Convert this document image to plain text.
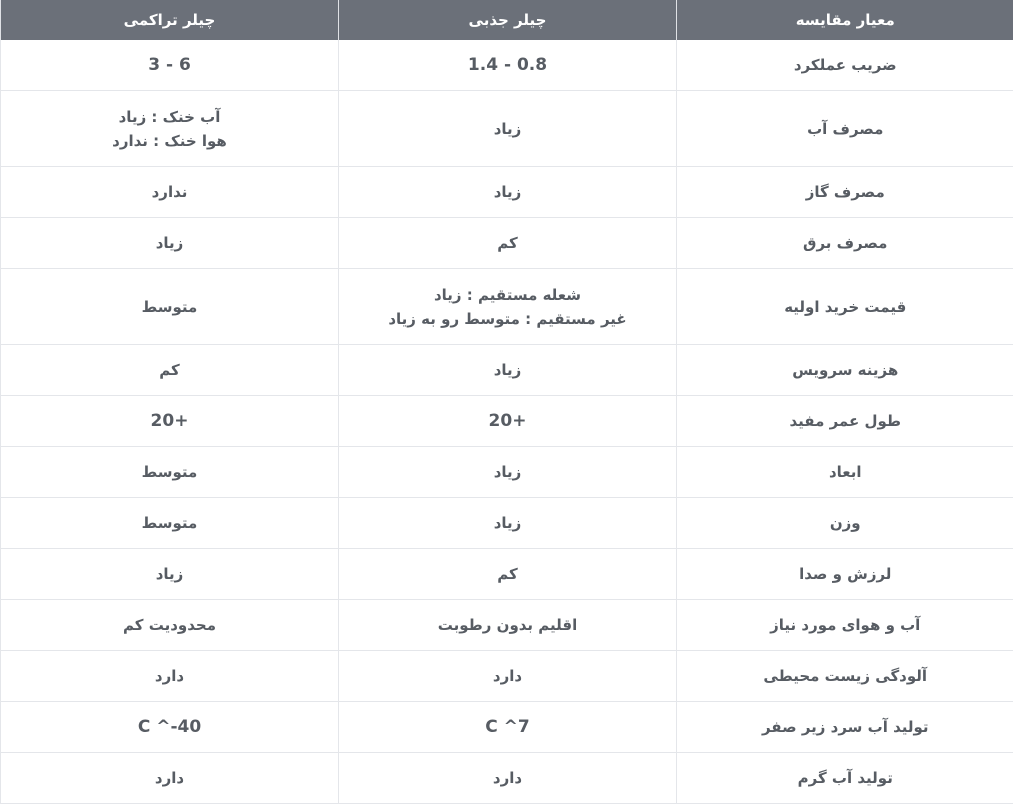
معیار مقایسه	چیلر جذبی	چیلر تراکمی
ضریب عملکرد	0.8 - 1.4	6 - 3

مصرف آب	زیاد	آب خنک : زیاد
هوا خنک : ندارد

مصرف گاز	زیاد	ندارد

مصرف برق	کم	زیاد

قیمت خرید اولیه	شعله مستقیم : زیاد
غیر مستقیم : متوسط رو به زیاد	متوسط

هزینه سرویس	زیاد	کم

طول عمر مفید	+20	+20

ابعاد	زیاد	متوسط

وزن	زیاد	متوسط

لرزش و صدا	کم	زیاد

آب و هوای مورد نیاز	اقلیم بدون رطوبت	محدودیت کم

آلودگی زیست محیطی	دارد	دارد

تولید آب سرد زیر صفر	C ^7	C ^-40

تولید آب گرم	دارد	دارد
